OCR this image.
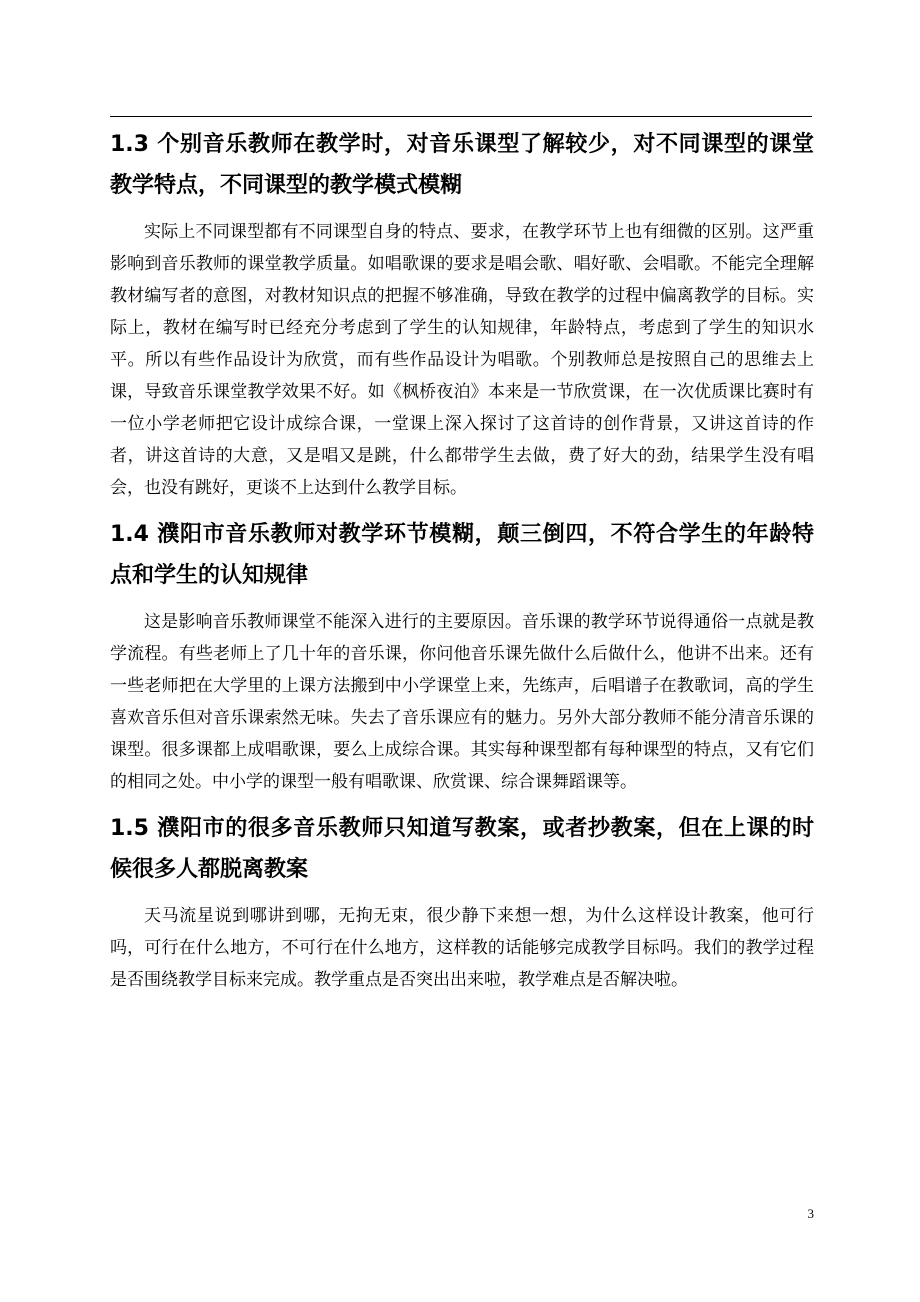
1.3 个别音乐教师在教学时，对音乐课型了解较少，对不同课型的课堂教学特点，不同课型的教学模式模糊

实际上不同课型都有不同课型自身的特点、要求，在教学环节上也有细微的区别。这严重影响到音乐教师的课堂教学质量。如唱歌课的要求是唱会歌、唱好歌、会唱歌。不能完全理解教材编写者的意图，对教材知识点的把握不够准确，导致在教学的过程中偏离教学的目标。实际上，教材在编写时已经充分考虑到了学生的认知规律，年龄特点，考虑到了学生的知识水平。所以有些作品设计为欣赏，而有些作品设计为唱歌。个别教师总是按照自己的思维去上课，导致音乐课堂教学效果不好。如《枫桥夜泊》本来是一节欣赏课，在一次优质课比赛时有一位小学老师把它设计成综合课，一堂课上深入探讨了这首诗的创作背景，又讲这首诗的作者，讲这首诗的大意，又是唱又是跳，什么都带学生去做，费了好大的劲，结果学生没有唱会，也没有跳好，更谈不上达到什么教学目标。

1.4 濮阳市音乐教师对教学环节模糊，颠三倒四，不符合学生的年龄特点和学生的认知规律

这是影响音乐教师课堂不能深入进行的主要原因。音乐课的教学环节说得通俗一点就是教学流程。有些老师上了几十年的音乐课，你问他音乐课先做什么后做什么，他讲不出来。还有一些老师把在大学里的上课方法搬到中小学课堂上来，先练声，后唱谱子在教歌词，高的学生喜欢音乐但对音乐课索然无味。失去了音乐课应有的魅力。另外大部分教师不能分清音乐课的课型。很多课都上成唱歌课，要么上成综合课。其实每种课型都有每种课型的特点，又有它们的相同之处。中小学的课型一般有唱歌课、欣赏课、综合课舞蹈课等。

1.5 濮阳市的很多音乐教师只知道写教案，或者抄教案，但在上课的时候很多人都脱离教案

天马流星说到哪讲到哪，无拘无束，很少静下来想一想，为什么这样设计教案，他可行吗，可行在什么地方，不可行在什么地方，这样教的话能够完成教学目标吗。我们的教学过程是否围绕教学目标来完成。教学重点是否突出出来啦，教学难点是否解决啦。

3
